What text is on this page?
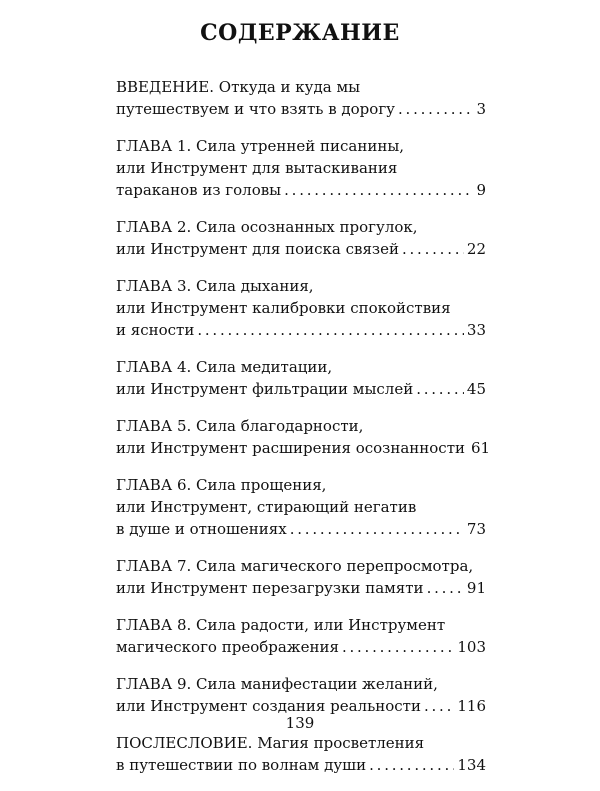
СОДЕРЖАНИЕ
ВВЕДЕНИЕ. Откуда и куда мы
путешествуем и что взять в дорогу . . .	3
ГЛАВА 1. Сила утренней писанины,
или Инструмент для вытаскивания
тараканов из головы . . .	9
ГЛАВА 2. Сила осознанных прогулок,
или Инструмент для поиска связей . . .	22
ГЛАВА 3. Сила дыхания,
или Инструмент калибровки спокойствия
и ясности . . .	33
ГЛАВА 4. Сила медитации,
или Инструмент фильтрации мыслей . . .	45
ГЛАВА 5. Сила благодарности,
или Инструмент расширения осознанности 61
ГЛАВА 6. Сила прощения,
или Инструмент, стирающий негатив
в душе и отношениях . . .	73
ГЛАВА 7. Сила магического перепросмотра,
или Инструмент перезагрузки памяти . . .	91
ГЛАВА 8. Сила радости, или Инструмент
магического преображения . . .	103
ГЛАВА 9. Сила манифестации желаний,
или Инструмент создания реальности . . . 116
ПОСЛЕСЛОВИЕ. Магия просветления
в путешествии по волнам души . . .	134
139
